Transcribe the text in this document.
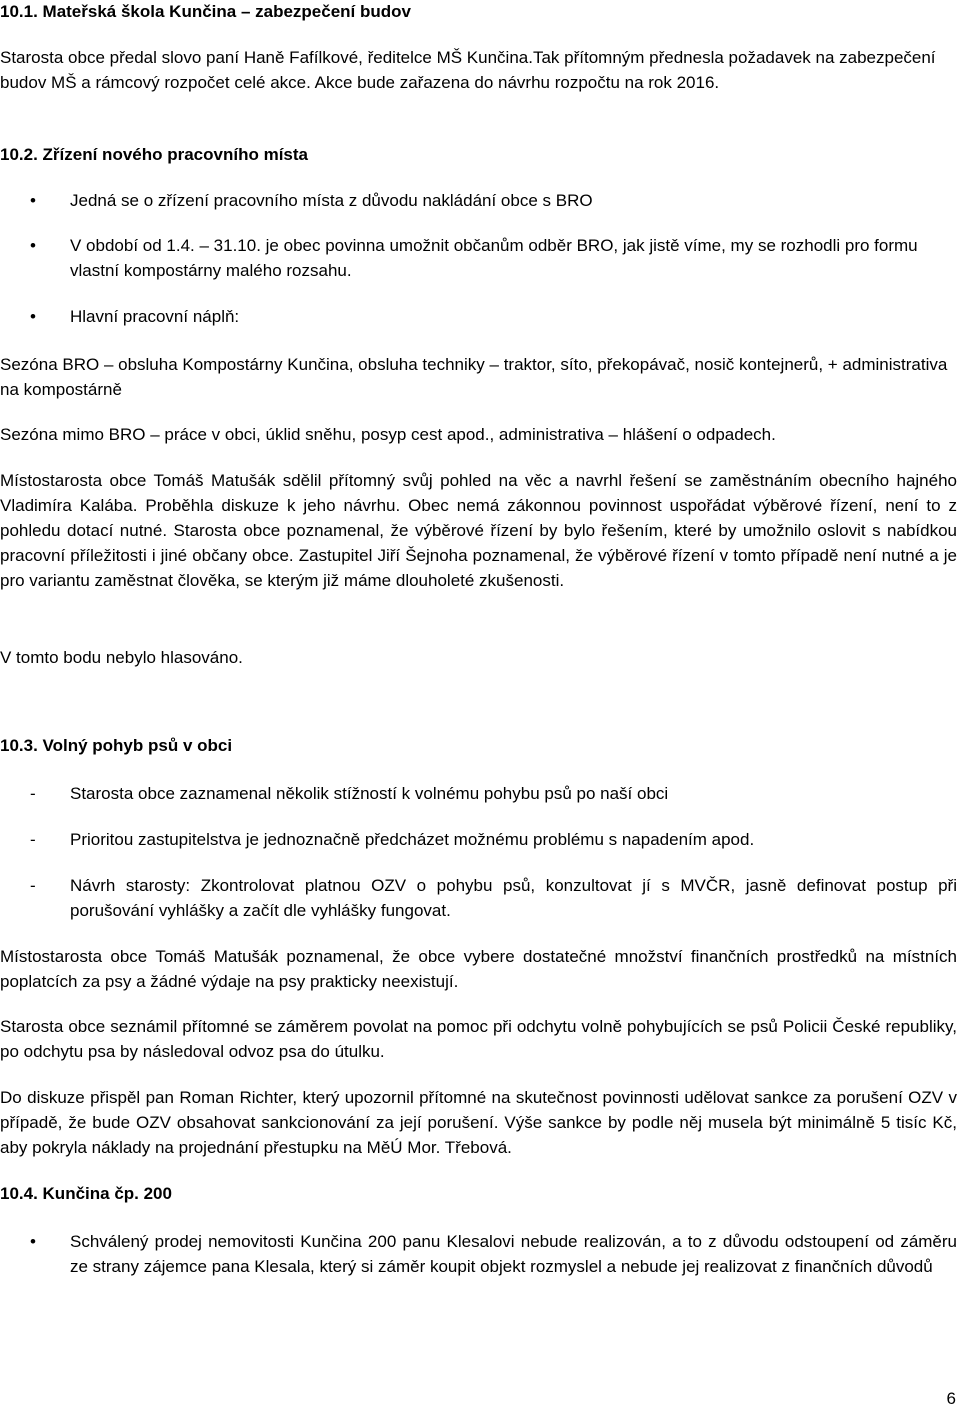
10.1. Mateřská škola Kunčina – zabezpečení budov
Starosta obce předal slovo paní Haně Fafílkové, ředitelce MŠ Kunčina.Tak přítomným přednesla požadavek na zabezpečení budov MŠ a rámcový rozpočet celé akce. Akce bude zařazena do návrhu rozpočtu na rok 2016.
10.2. Zřízení nového pracovního místa
• Jedná se o zřízení pracovního místa z důvodu nakládání obce s BRO
• V období od 1.4. – 31.10. je obec povinna umožnit občanům odběr BRO, jak jistě víme, my se rozhodli pro formu vlastní kompostárny malého rozsahu.
• Hlavní pracovní náplň:
Sezóna BRO – obsluha Kompostárny Kunčina, obsluha techniky – traktor, síto, překopávač, nosič kontejnerů, + administrativa na kompostárně
Sezóna mimo BRO – práce v obci, úklid sněhu, posyp cest apod., administrativa – hlášení o odpadech.
Místostarosta obce Tomáš Matušák sdělil přítomný svůj pohled na věc a navrhl řešení se zaměstnáním obecního hajného Vladimíra Kalába. Proběhla diskuze k jeho návrhu. Obec nemá zákonnou povinnost uspořádat výběrové řízení, není to z pohledu dotací nutné. Starosta obce poznamenal, že výběrové řízení by bylo řešením, které by umožnilo oslovit s nabídkou pracovní příležitosti i jiné občany obce. Zastupitel Jiří Šejnoha poznamenal, že výběrové řízení v tomto případě není nutné a je pro variantu zaměstnat člověka, se kterým již máme dlouholeté zkušenosti.
V tomto bodu nebylo hlasováno.
10.3. Volný pohyb psů v obci
- Starosta obce zaznamenal několik stížností k volnému pohybu psů po naší obci
- Prioritou zastupitelstva je jednoznačně předcházet možnému problému s napadením apod.
- Návrh starosty: Zkontrolovat platnou OZV o pohybu psů, konzultovat jí s MVČR, jasně definovat postup při porušování vyhlášky a začít dle vyhlášky fungovat.
Místostarosta obce Tomáš Matušák poznamenal, že obce vybere dostatečné množství finančních prostředků na místních poplatcích za psy a žádné výdaje na psy prakticky neexistují.
Starosta obce seznámil přítomné se záměrem povolat na pomoc při odchytu volně pohybujících se psů Policii České republiky, po odchytu psa by následoval odvoz psa do útulku.
Do diskuze přispěl pan Roman Richter, který upozornil přítomné na skutečnost povinnosti udělovat sankce za porušení OZV v případě, že bude OZV obsahovat sankcionování za její porušení. Výše sankce by podle něj musela být minimálně 5 tisíc Kč, aby pokryla náklady na projednání přestupku na MěÚ Mor. Třebová.
10.4. Kunčina čp. 200
• Schválený prodej nemovitosti Kunčina 200 panu Klesalovi nebude realizován, a to z důvodu odstoupení od záměru ze strany zájemce pana Klesala, který si záměr koupit objekt rozmyslel a nebude jej realizovat z finančních důvodů
6
